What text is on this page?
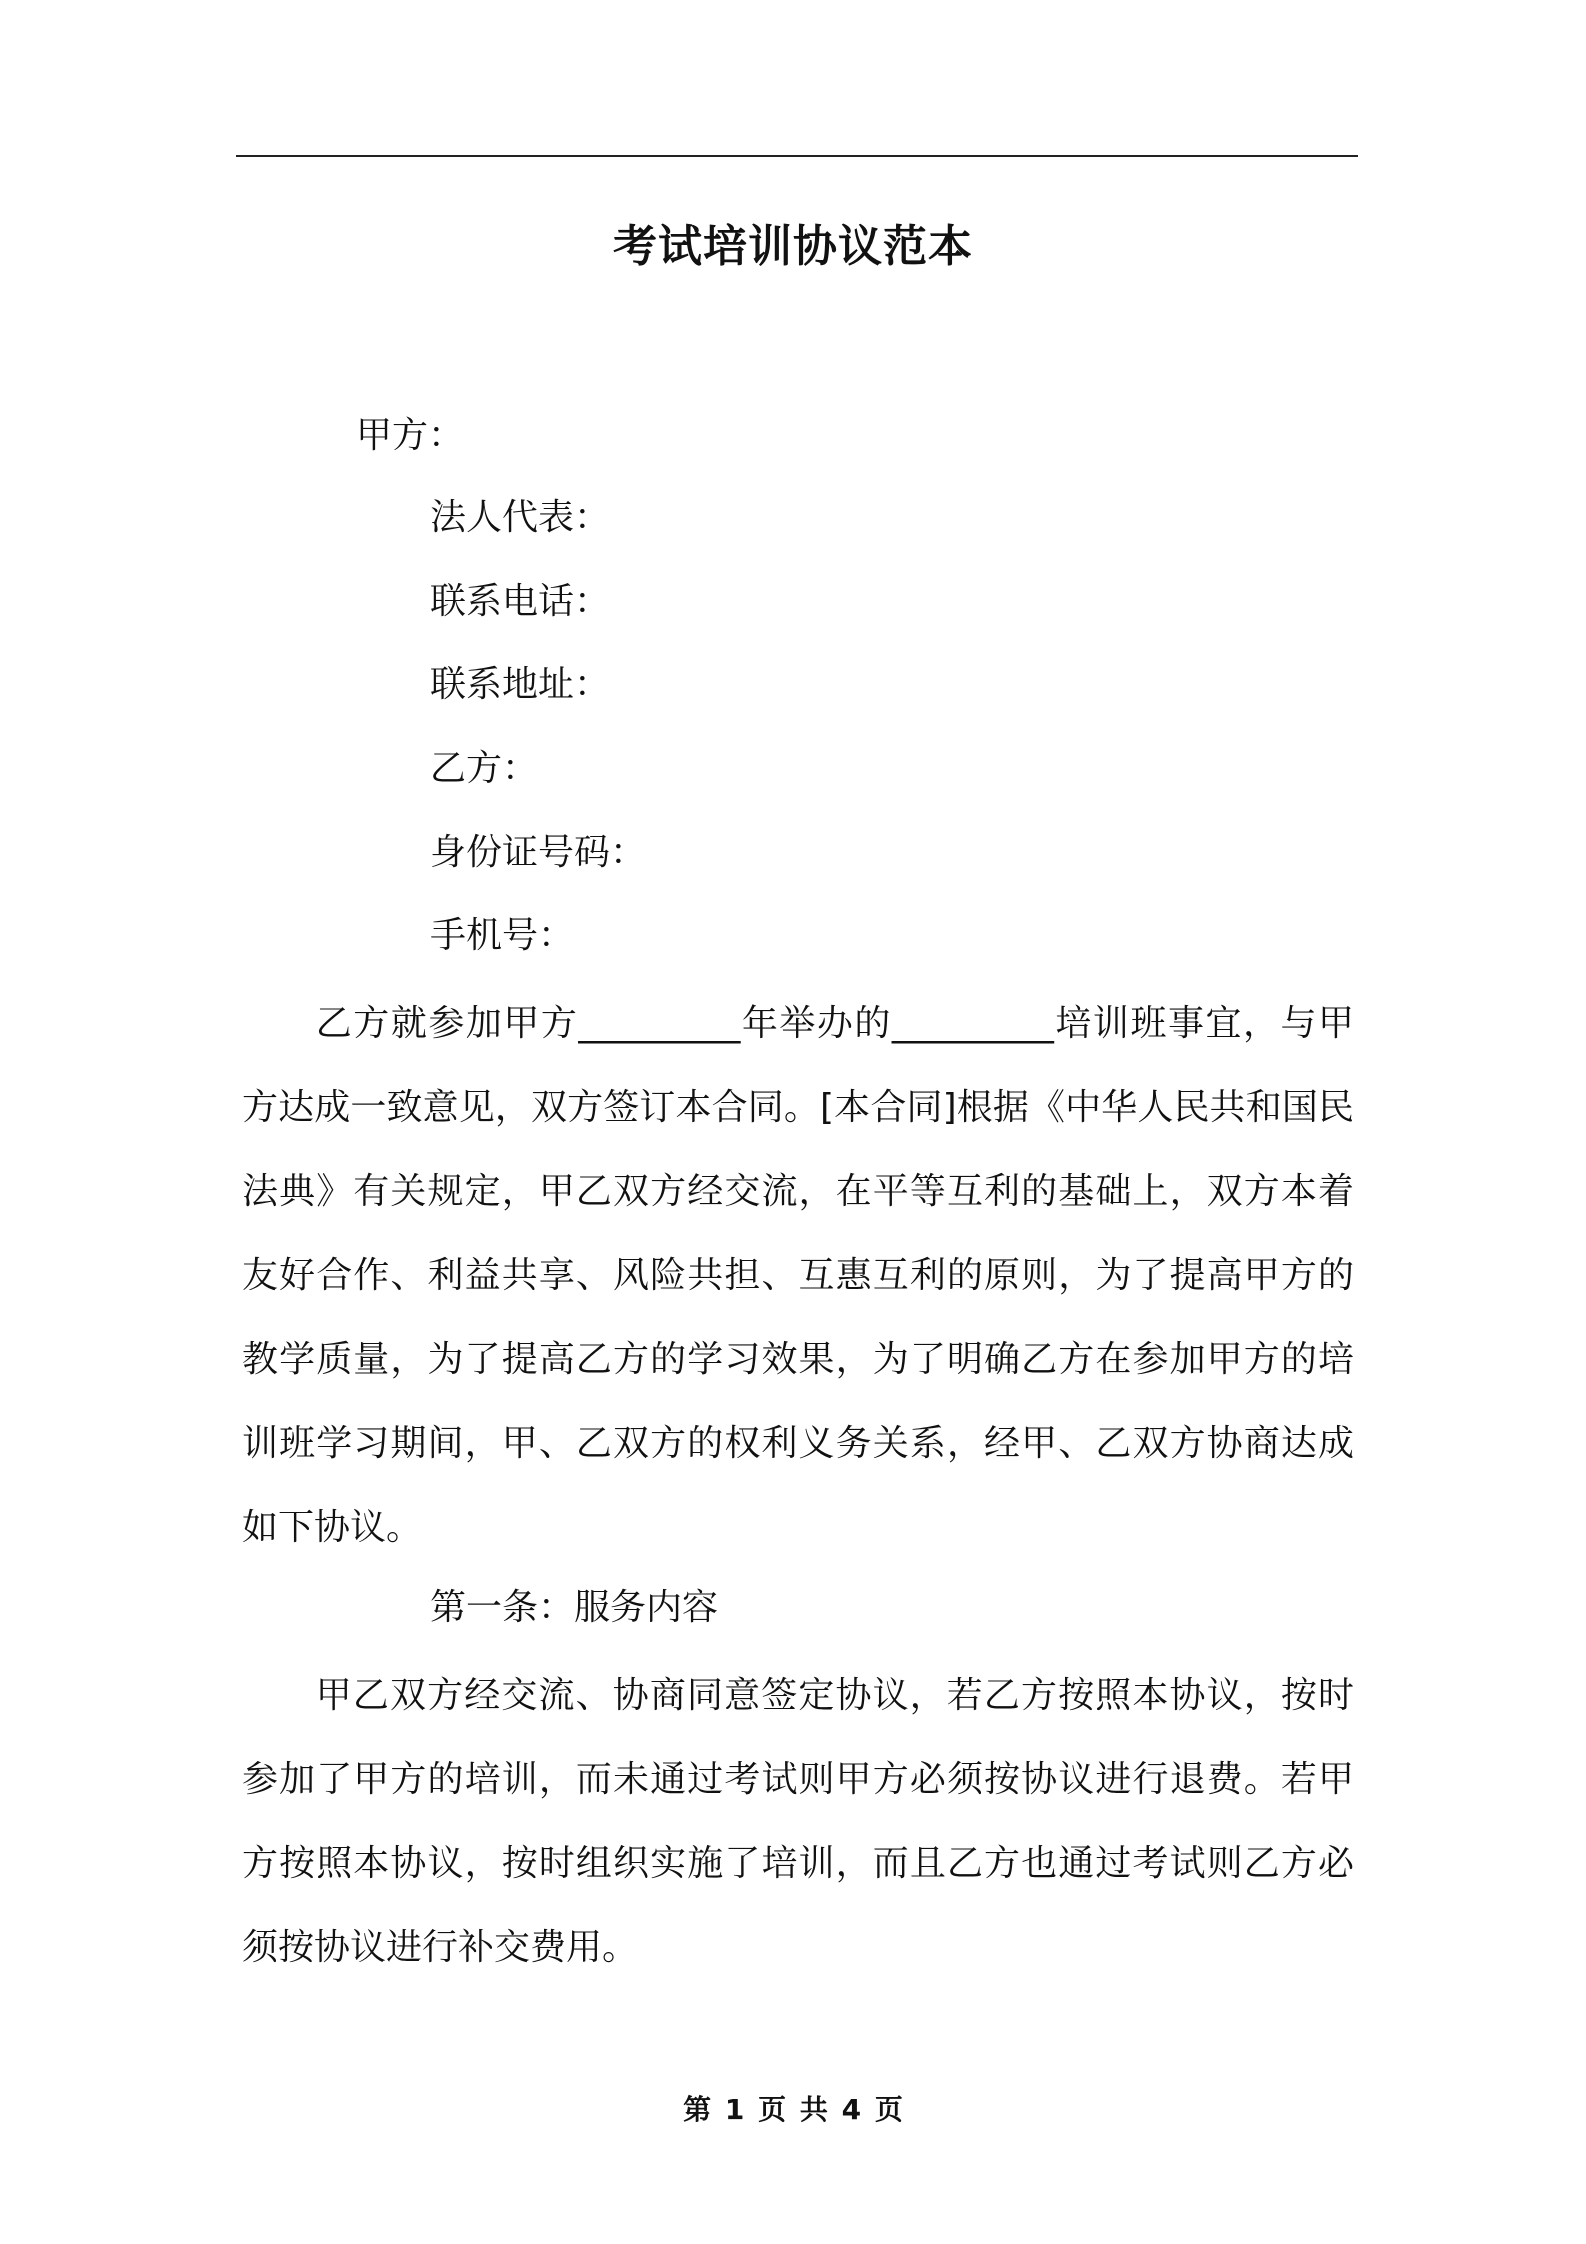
考试培训协议范本
甲方：
法人代表：
联系电话：
联系地址：
乙方：
身份证号码：
手机号：
乙方就参加甲方_________年举办的_________培训班事宜，与甲方达成一致意见，双方签订本合同。[本合同]根据《中华人民共和国民法典》有关规定，甲乙双方经交流，在平等互利的基础上，双方本着友好合作、利益共享、风险共担、互惠互利的原则，为了提高甲方的教学质量，为了提高乙方的学习效果，为了明确乙方在参加甲方的培训班学习期间，甲、乙双方的权利义务关系，经甲、乙双方协商达成如下协议。
第一条：服务内容
甲乙双方经交流、协商同意签定协议，若乙方按照本协议，按时参加了甲方的培训，而未通过考试则甲方必须按协议进行退费。若甲方按照本协议，按时组织实施了培训，而且乙方也通过考试则乙方必须按协议进行补交费用。
第 1 页 共 4 页
